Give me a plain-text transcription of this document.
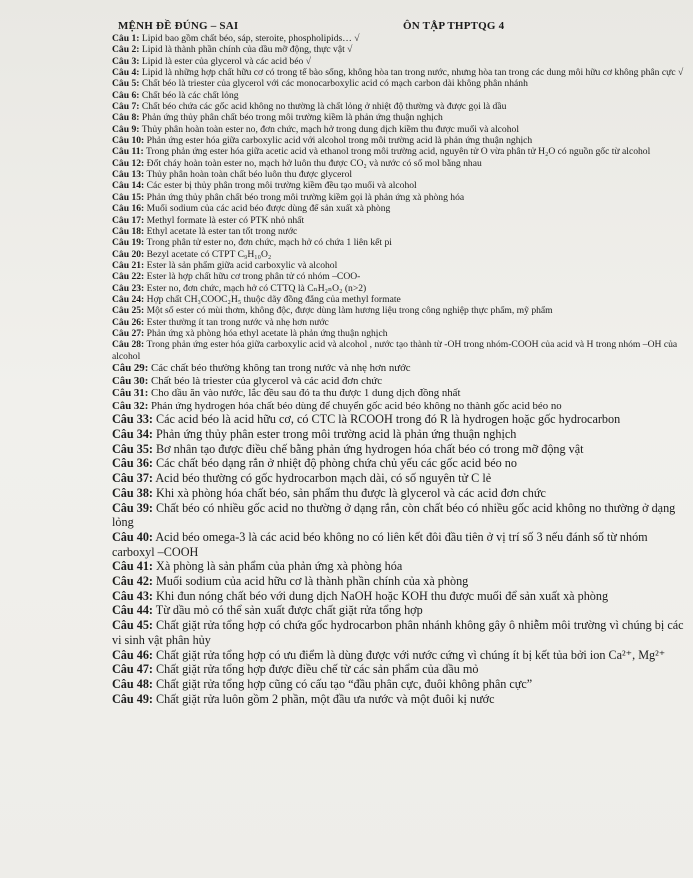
MỆNH ĐỀ ĐÚNG – SAI	ÔN TẬP THPTQG 4

Câu 1: Lipid bao gồm chất béo, sáp, steroite, phospholipids… √

Câu 2: Lipid là thành phần chính của dầu mỡ động, thực vật √

Câu 3: Lipid là ester của glycerol và các acid béo √

Câu 4: Lipid là những hợp chất hữu cơ có trong tế bào sống, không hòa tan trong nước, nhưng hòa tan trong các dung môi hữu cơ không phân cực √

Câu 5: Chất béo là triester của glycerol với các monocarboxylic acid có mạch carbon dài không phân nhánh

Câu 6: Chất béo là các chất lỏng

Câu 7: Chất béo chứa các gốc acid không no thường là chất lỏng ở nhiệt độ thường và được gọi là dầu

Câu 8: Phản ứng thủy phân chất béo trong môi trường kiềm là phản ứng thuận nghịch

Câu 9: Thủy phân hoàn toàn ester no, đơn chức, mạch hở trong dung dịch kiềm thu được muối và alcohol

Câu 10: Phản ứng ester hóa giữa carboxylic acid với alcohol trong môi trường acid là phản ứng thuận nghịch

Câu 11: Trong phản ứng ester hóa giữa acetic acid và ethanol trong môi trường acid, nguyên tử O vừa phân tử H₂O có nguồn gốc từ alcohol

Câu 12: Đốt cháy hoàn toàn ester no, mạch hở luôn thu được CO₂ và nước có số mol bằng nhau

Câu 13: Thủy phân hoàn toàn chất béo luôn thu được glycerol

Câu 14: Các ester bị thủy phân trong môi trường kiềm đều tạo muối và alcohol

Câu 15: Phản ứng thủy phân chất béo trong môi trường kiềm gọi là phản ứng xà phòng hóa

Câu 16: Muối sodium của các acid béo được dùng để sản xuất xà phòng

Câu 17: Methyl formate là ester có PTK nhỏ nhất

Câu 18: Ethyl acetate là ester tan tốt trong nước

Câu 19: Trong phân tử ester no, đơn chức, mạch hở có chứa 1 liên kết pi

Câu 20: Bezyl acetate có CTPT C₉H₁₀O₂

Câu 21: Ester là sản phẩm giữa acid carboxylic và alcohol

Câu 22: Ester là hợp chất hữu cơ trong phân tử có nhóm –COO-

Câu 23: Ester no, đơn chức, mạch hở có CTTQ là CₙH₂ₙO₂ (n>2)

Câu 24: Hợp chất CH₃COOC₂H₅ thuộc dãy đồng đẳng của methyl formate

Câu 25: Một số ester có mùi thơm, không độc, được dùng làm hương liệu trong công nghiệp thực phẩm, mỹ phẩm

Câu 26: Ester thường ít tan trong nước và nhẹ hơn nước

Câu 27: Phản ứng xà phòng hóa ethyl acetate là phản ứng thuận nghịch

Câu 28: Trong phản ứng ester hóa giữa carboxylic acid và alcohol , nước tạo thành từ -OH trong nhóm-COOH của acid và H trong nhóm –OH của alcohol

Câu 29: Các chất béo thường không tan trong nước và nhẹ hơn nước

Câu 30: Chất béo là triester của glycerol và các acid đơn chức

Câu 31: Cho dầu ăn vào nước, lắc đều sau đó ta thu được 1 dung dịch đồng nhất

Câu 32: Phản ứng hydrogen hóa chất béo dùng để chuyển gốc acid béo không no thành gốc acid béo no

Câu 33: Các acid béo là acid hữu cơ, có CTC là RCOOH trong đó R là hydrogen hoặc gốc hydrocarbon

Câu 34: Phản ứng thủy phân ester trong môi trường acid là phản ứng thuận nghịch

Câu 35: Bơ nhân tạo được điều chế bằng phản ứng hydrogen hóa chất béo có trong mỡ động vật

Câu 36: Các chất béo dạng rắn ở nhiệt độ phòng chứa chủ yếu các gốc acid béo no

Câu 37: Acid béo thường có gốc hydrocarbon mạch dài, có số nguyên tử C lẻ

Câu 38: Khi xà phòng hóa chất béo, sản phẩm thu được là glycerol và các acid đơn chức

Câu 39: Chất béo có nhiều gốc acid no thường ở dạng rắn, còn chất béo có nhiều gốc acid không no thường ở dạng lỏng

Câu 40: Acid béo omega-3 là các acid béo không no có liên kết đôi đầu tiên ở vị trí số 3 nếu đánh số từ nhóm carboxyl –COOH

Câu 41: Xà phòng là sản phẩm của phản ứng xà phòng hóa

Câu 42: Muối sodium của acid hữu cơ là thành phần chính của xà phòng

Câu 43: Khi đun nóng chất béo với dung dịch NaOH hoặc KOH thu được muối để sản xuất xà phòng

Câu 44: Từ dầu mỏ có thể sản xuất được chất giặt rửa tổng hợp

Câu 45: Chất giặt rửa tổng hợp có chứa gốc hydrocarbon phân nhánh không gây ô nhiễm môi trường vì chúng bị các vi sinh vật phân hủy

Câu 46: Chất giặt rửa tổng hợp có ưu điểm là dùng được với nước cứng vì chúng ít bị kết tủa bởi ion Ca²⁺, Mg²⁺

Câu 47: Chất giặt rửa tổng hợp được điều chế từ các sản phẩm của dầu mỏ

Câu 48: Chất giặt rửa tổng hợp cũng có cấu tạo “đầu phân cực, đuôi không phân cực”

Câu 49: Chất giặt rửa luôn gồm 2 phần, một đầu ưa nước và một đuôi kị nước
